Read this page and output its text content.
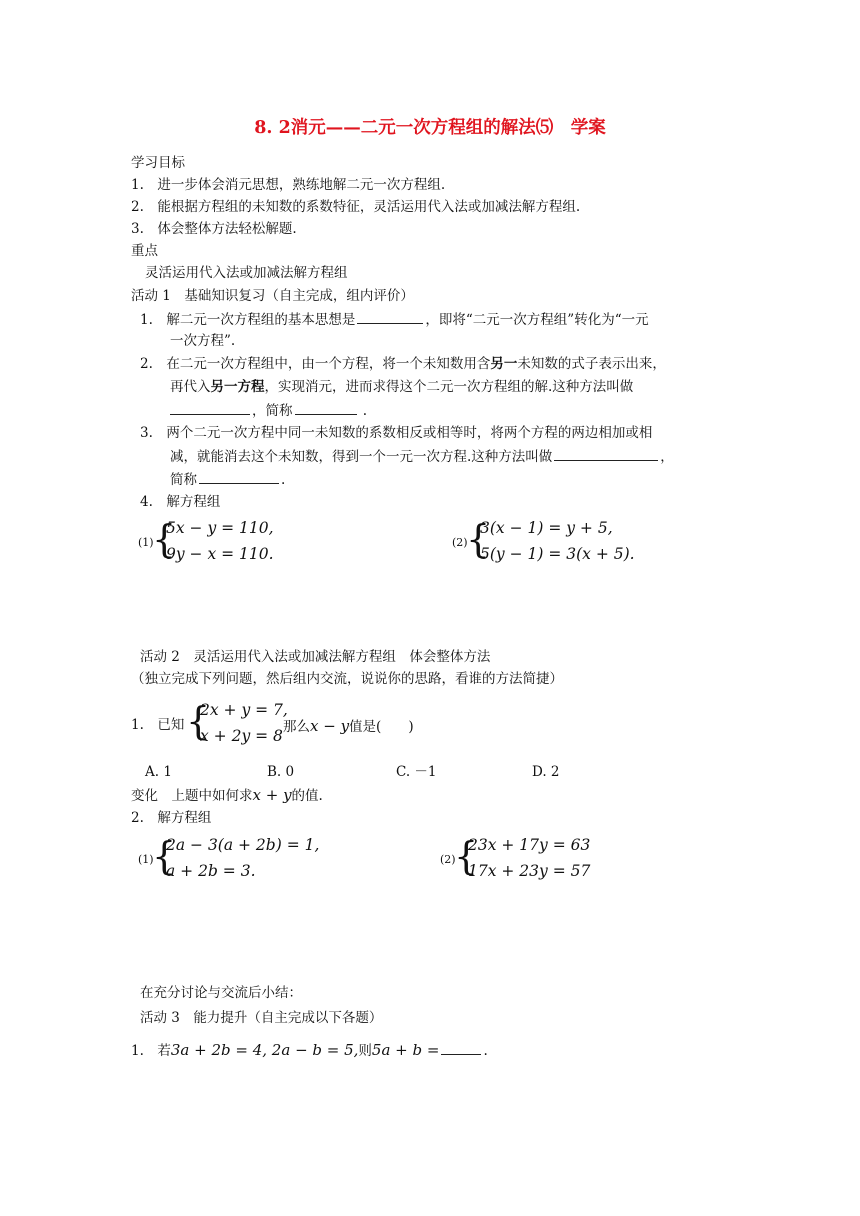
8. 2消元——二元一次方程组的解法⑸　学案
学习目标
1.　进一步体会消元思想，熟练地解二元一次方程组.
2.　能根据方程组的未知数的系数特征，灵活运用代入法或加减法解方程组.
3.　体会整体方法轻松解题.
重点
灵活运用代入法或加减法解方程组
活动 1　基础知识复习（自主完成，组内评价）
1.　解二元一次方程组的基本思想是	，即将“二元一次方程组”转化为“一元
一次方程”.
2.　在二元一次方程组中，由一个方程，将一个未知数用含另一未知数的式子表示出来，
再代入另一方程，实现消元，进而求得这个二元一次方程组的解.这种方法叫做
，简称	.
3.　两个二元一次方程中同一未知数的系数相反或相等时，将两个方程的两边相加或相
减，就能消去这个未知数，得到一个一元一次方程.这种方法叫做	，
简称	.
4.　解方程组
(1)
{
5x − y = 110,
9y − x = 110.
(2)
{
3(x − 1) = y + 5,
5(y − 1) = 3(x + 5).
活动 2　灵活运用代入法或加减法解方程组　体会整体方法
（独立完成下列问题，然后组内交流，说说你的思路，看谁的方法简捷）
1.　已知 {
2x + y = 7,
x + 2y = 8 那么x − y值是(　　)
A. 1	B. 0	C. －1	D. 2
变化　上题中如何求x + y的值.
2.　解方程组
(1)
{
2a − 3(a + 2b) = 1,
a + 2b = 3.
(2)
{
23x + 17y = 63
17x + 23y = 57
在充分讨论与交流后小结：
活动 3　能力提升（自主完成以下各题）
1.　若3a + 2b = 4, 2a − b = 5,则5a + b =	.
